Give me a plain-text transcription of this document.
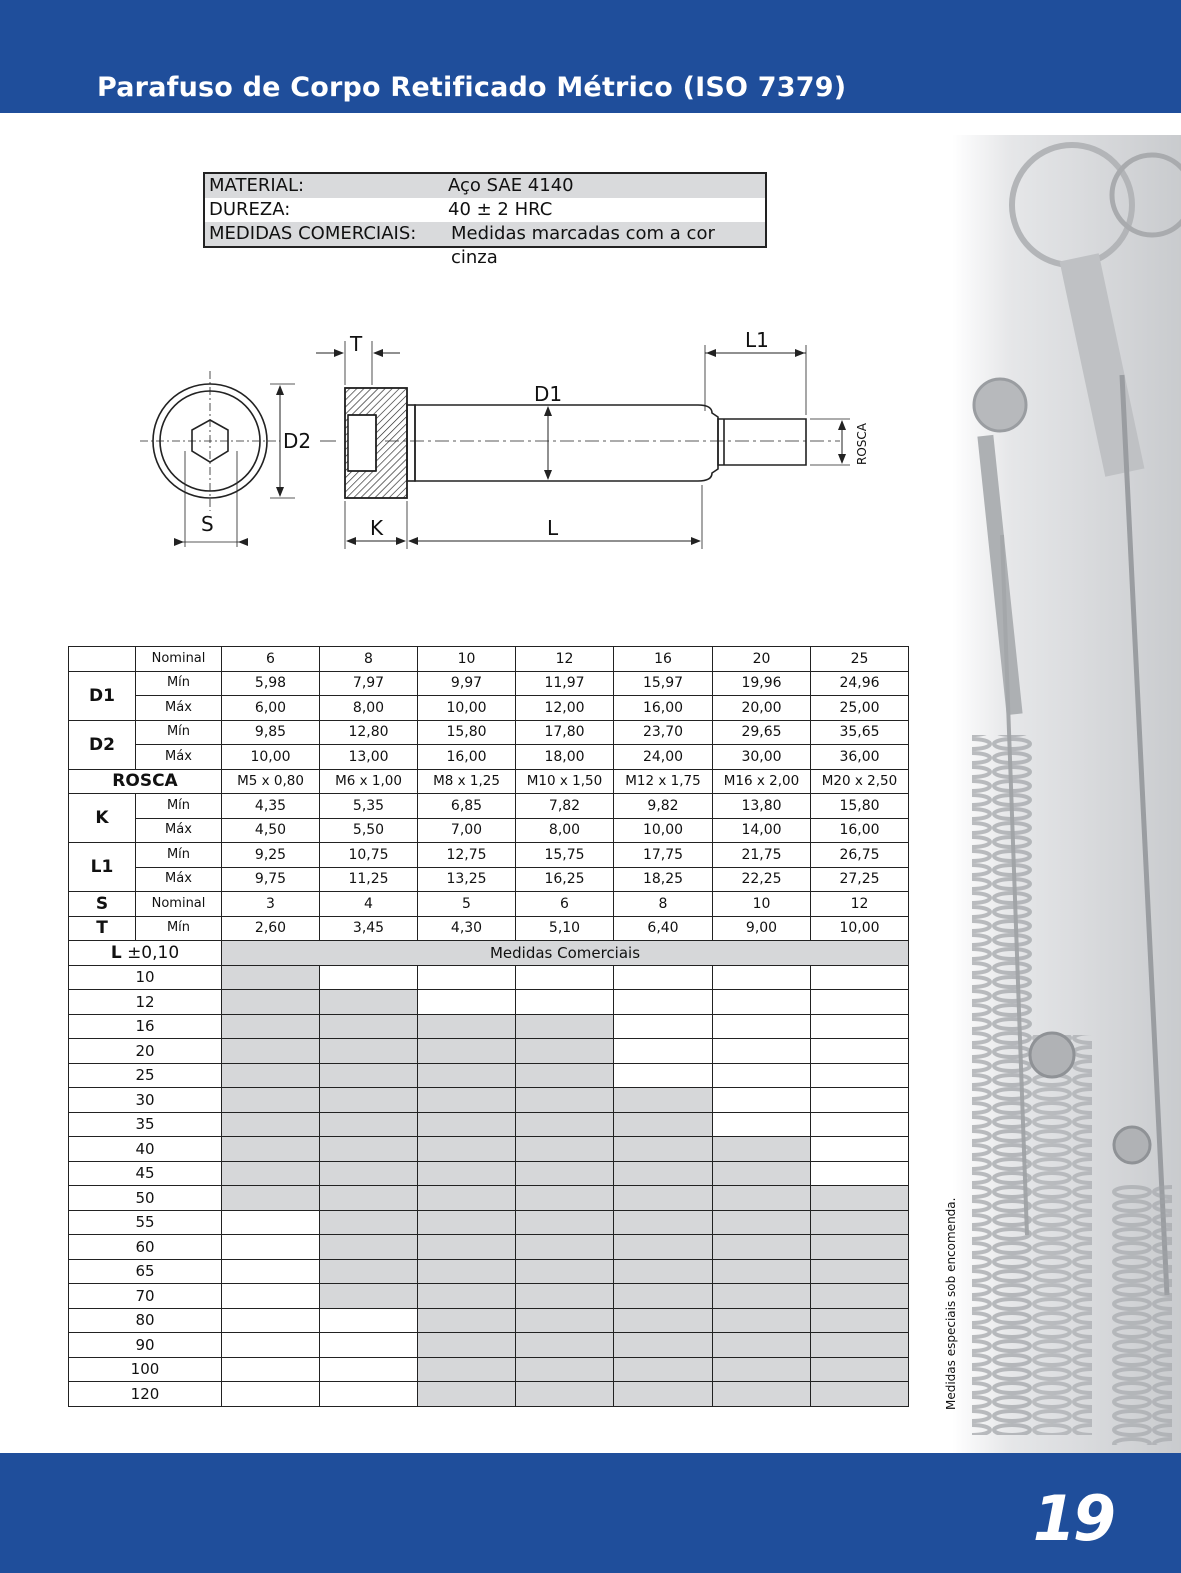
Parafuso de Corpo Retificado Métrico (ISO 7379)
Medidas especiais sob encomenda.
MATERIAL:	Aço SAE 4140
DUREZA:	40 ± 2 HRC
MEDIDAS COMERCIAIS: Medidas marcadas com a cor cinza
T	L1
D1
D2
S	K	L
ROSCA
	Nominal	6	8	10	12	16	20	25
D1	Mín	5,98	7,97	9,97	11,97	15,97	19,96	24,96
	Máx	6,00	8,00	10,00	12,00	16,00	20,00	25,00
D2	Mín	9,85	12,80	15,80	17,80	23,70	29,65	35,65
	Máx	10,00	13,00	16,00	18,00	24,00	30,00	36,00
ROSCA		M5 x 0,80	M6 x 1,00	M8 x 1,25	M10 x 1,50	M12 x 1,75	M16 x 2,00	M20 x 2,50
K	Mín	4,35	5,35	6,85	7,82	9,82	13,80	15,80
	Máx	4,50	5,50	7,00	8,00	10,00	14,00	16,00
L1	Mín	9,25	10,75	12,75	15,75	17,75	21,75	26,75
	Máx	9,75	11,25	13,25	16,25	18,25	22,25	27,25
S	Nominal	3	4	5	6	8	10	12
T	Mín	2,60	3,45	4,30	5,10	6,40	9,00	10,00
L ±0,10		Medidas Comerciais						
10								
12								
16								
20								
25								
30								
35								
40								
45								
50								
55								
60								
65								
70								
80								
90								
100								
120								
19
